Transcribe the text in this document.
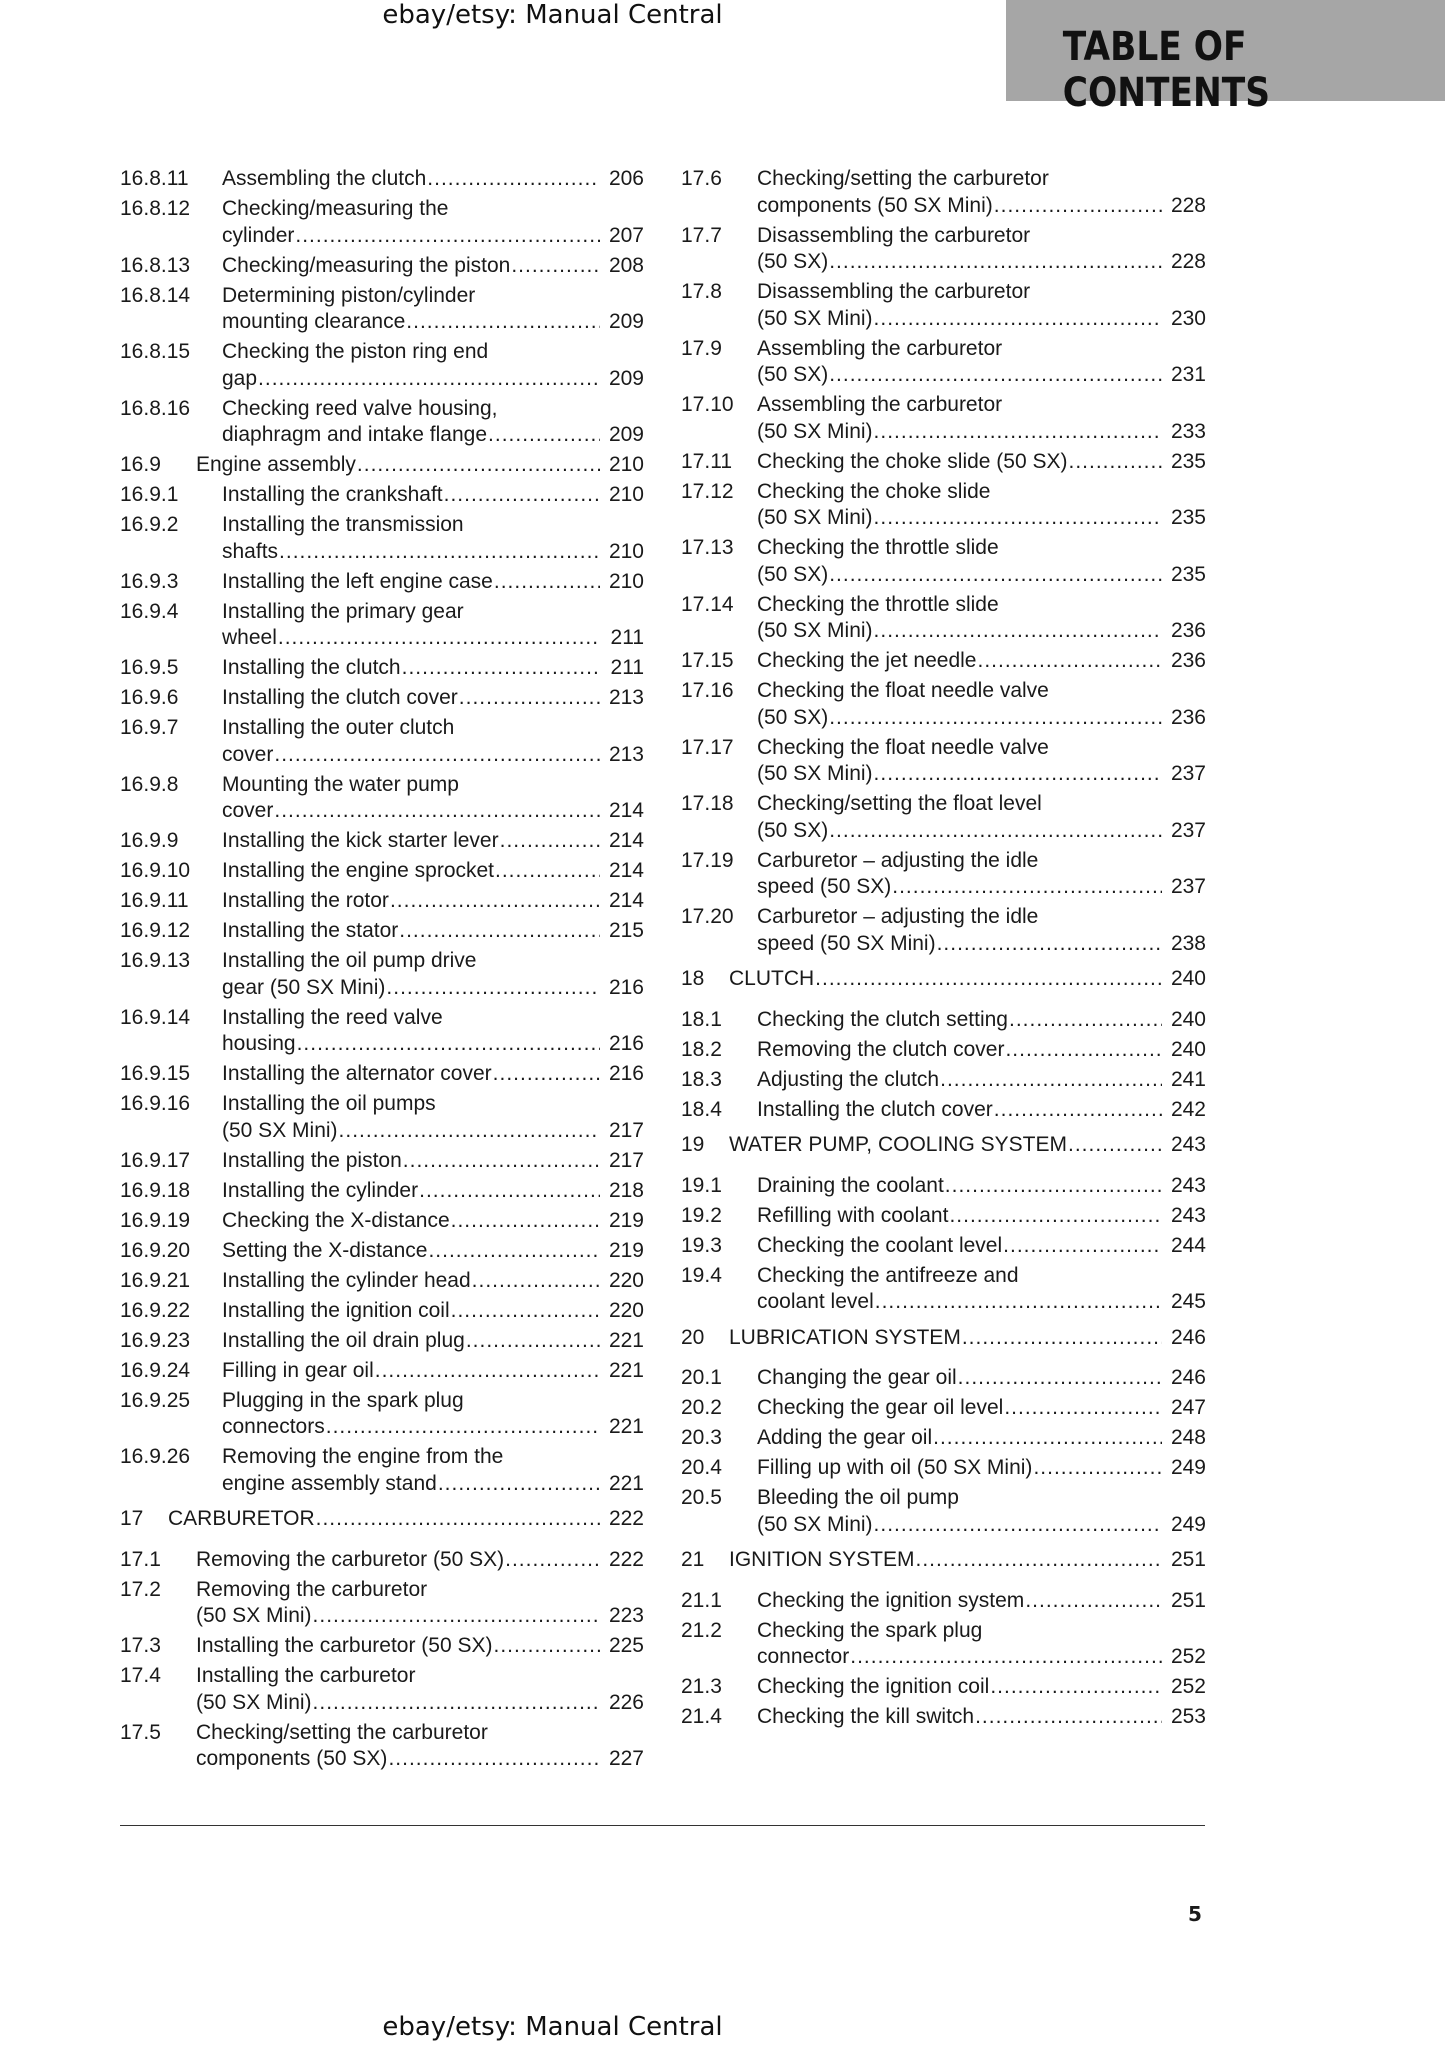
ebay/etsy: Manual Central
TABLE OF CONTENTS
16.8.11	Assembling the clutch .....	206
16.8.12	Checking/measuring the
cylinder .....	207
16.8.13	Checking/measuring the piston .....	208
16.8.14	Determining piston/cylinder
mounting clearance .....	209
16.8.15	Checking the piston ring end
gap .....	209
16.8.16	Checking reed valve housing,
diaphragm and intake flange .....	209
16.9	Engine assembly .....	210
16.9.1	Installing the crankshaft .....	210
16.9.2	Installing the transmission
shafts .....	210
16.9.3	Installing the left engine case .....	210
16.9.4	Installing the primary gear
wheel .....	211
16.9.5	Installing the clutch .....	211
16.9.6	Installing the clutch cover .....	213
16.9.7	Installing the outer clutch
cover .....	213
16.9.8	Mounting the water pump
cover .....	214
16.9.9	Installing the kick starter lever .....	214
16.9.10	Installing the engine sprocket .....	214
16.9.11	Installing the rotor .....	214
16.9.12	Installing the stator .....	215
16.9.13	Installing the oil pump drive
gear (50 SX Mini) .....	216
16.9.14	Installing the reed valve
housing .....	216
16.9.15	Installing the alternator cover .....	216
16.9.16	Installing the oil pumps
(50 SX Mini) .....	217
16.9.17	Installing the piston .....	217
16.9.18	Installing the cylinder .....	218
16.9.19	Checking the X-distance .....	219
16.9.20	Setting the X-distance .....	219
16.9.21	Installing the cylinder head .....	220
16.9.22	Installing the ignition coil .....	220
16.9.23	Installing the oil drain plug .....	221
16.9.24	Filling in gear oil .....	221
16.9.25	Plugging in the spark plug
connectors .....	221
16.9.26	Removing the engine from the
engine assembly stand .....	221
17	CARBURETOR .....	222
17.1	Removing the carburetor (50 SX) .....	222
17.2	Removing the carburetor
(50 SX Mini) .....	223
17.3	Installing the carburetor (50 SX) .....	225
17.4	Installing the carburetor
(50 SX Mini) .....	226
17.5	Checking/setting the carburetor
components (50 SX) .....	227
17.6	Checking/setting the carburetor
components (50 SX Mini) .....	228
17.7	Disassembling the carburetor
(50 SX) .....	228
17.8	Disassembling the carburetor
(50 SX Mini) .....	230
17.9	Assembling the carburetor
(50 SX) .....	231
17.10	Assembling the carburetor
(50 SX Mini) .....	233
17.11	Checking the choke slide (50 SX) .....	235
17.12	Checking the choke slide
(50 SX Mini) .....	235
17.13	Checking the throttle slide
(50 SX) .....	235
17.14	Checking the throttle slide
(50 SX Mini) .....	236
17.15	Checking the jet needle .....	236
17.16	Checking the float needle valve
(50 SX) .....	236
17.17	Checking the float needle valve
(50 SX Mini) .....	237
17.18	Checking/setting the float level
(50 SX) .....	237
17.19	Carburetor – adjusting the idle
speed (50 SX) .....	237
17.20	Carburetor – adjusting the idle
speed (50 SX Mini) .....	238
18	CLUTCH .....	240
18.1	Checking the clutch setting .....	240
18.2	Removing the clutch cover .....	240
18.3	Adjusting the clutch .....	241
18.4	Installing the clutch cover .....	242
19	WATER PUMP, COOLING SYSTEM .....	243
19.1	Draining the coolant .....	243
19.2	Refilling with coolant .....	243
19.3	Checking the coolant level .....	244
19.4	Checking the antifreeze and
coolant level .....	245
20	LUBRICATION SYSTEM .....	246
20.1	Changing the gear oil .....	246
20.2	Checking the gear oil level .....	247
20.3	Adding the gear oil .....	248
20.4	Filling up with oil (50 SX Mini) .....	249
20.5	Bleeding the oil pump
(50 SX Mini) .....	249
21	IGNITION SYSTEM .....	251
21.1	Checking the ignition system .....	251
21.2	Checking the spark plug
connector .....	252
21.3	Checking the ignition coil .....	252
21.4	Checking the kill switch .....	253
5
ebay/etsy: Manual Central
